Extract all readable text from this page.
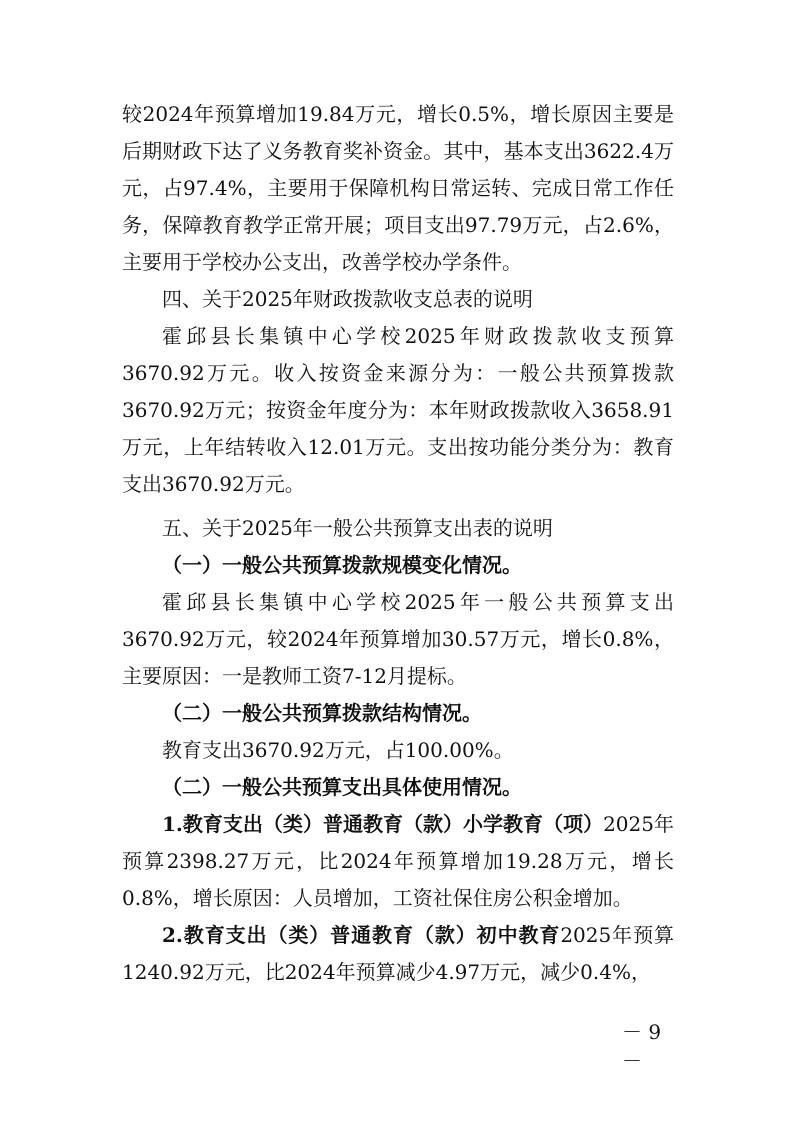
较2024年预算增加19.84万元，增长0.5%，增长原因主要是后期财政下达了义务教育奖补资金。其中，基本支出3622.4万元，占97.4%，主要用于保障机构日常运转、完成日常工作任务，保障教育教学正常开展；项目支出97.79万元，占2.6%，主要用于学校办公支出，改善学校办学条件。

四、关于2025年财政拨款收支总表的说明

霍邱县长集镇中心学校2025年财政拨款收支预算3670.92万元。收入按资金来源分为：一般公共预算拨款3670.92万元；按资金年度分为：本年财政拨款收入3658.91万元，上年结转收入12.01万元。支出按功能分类分为：教育支出3670.92万元。

五、关于2025年一般公共预算支出表的说明

（一）一般公共预算拨款规模变化情况。

霍邱县长集镇中心学校2025年一般公共预算支出3670.92万元，较2024年预算增加30.57万元，增长0.8%，主要原因：一是教师工资7-12月提标。

（二）一般公共预算拨款结构情况。

教育支出3670.92万元，占100.00%。

（二）一般公共预算支出具体使用情况。

1.教育支出（类）普通教育（款）小学教育（项）2025年预算2398.27万元，比2024年预算增加19.28万元，增长0.8%，增长原因：人员增加，工资社保住房公积金增加。

2.教育支出（类）普通教育（款）初中教育2025年预算1240.92万元，比2024年预算减少4.97万元，减少0.4%，

－ 9 －
